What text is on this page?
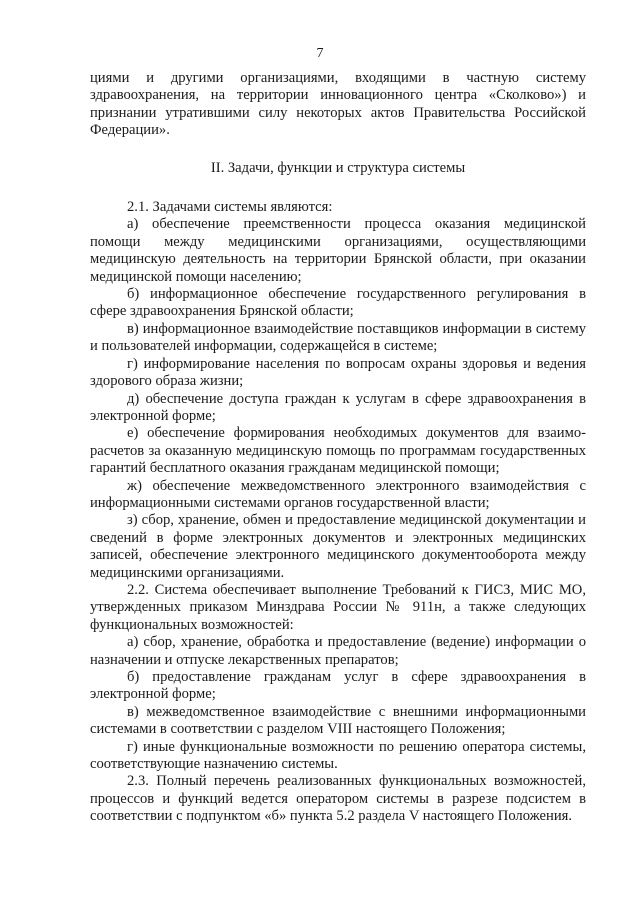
7

циями и другими организациями, входящими в частную систему здравоохранения, на территории инновационного центра «Сколково») и признании утратившими силу некоторых актов Правительства Российской Федерации».

II. Задачи, функции и структура системы

2.1. Задачами системы являются:

а) обеспечение преемственности процесса оказания медицинской помощи между медицинскими организациями, осуществляющими медицинскую деятельность на территории Брянской области, при оказании медицинской помощи населению;

б) информационное обеспечение государственного регулирования в сфере здравоохранения Брянской области;

в) информационное взаимодействие поставщиков информации в систему и пользователей информации, содержащейся в системе;

г) информирование населения по вопросам охраны здоровья и ведения здорового образа жизни;

д) обеспечение доступа граждан к услугам в сфере здравоохранения в электронной форме;

е) обеспечение формирования необходимых документов для взаимо-расчетов за оказанную медицинскую помощь по программам государственных гарантий бесплатного оказания гражданам медицинской помощи;

ж) обеспечение межведомственного электронного взаимодействия с информационными системами органов государственной власти;

з) сбор, хранение, обмен и предоставление медицинской документации и сведений в форме электронных документов и электронных медицинских записей, обеспечение электронного медицинского документооборота между медицинскими организациями.

2.2. Система обеспечивает выполнение Требований к ГИСЗ, МИС МО, утвержденных приказом Минздрава России № 911н, а также следующих функциональных возможностей:

а) сбор, хранение, обработка и предоставление (ведение) информации о назначении и отпуске лекарственных препаратов;

б) предоставление гражданам услуг в сфере здравоохранения в электронной форме;

в) межведомственное взаимодействие с внешними информационными системами в соответствии с разделом VIII настоящего Положения;

г) иные функциональные возможности по решению оператора системы, соответствующие назначению системы.

2.3. Полный перечень реализованных функциональных возможностей, процессов и функций ведется оператором системы в разрезе подсистем в соответствии с подпунктом «б» пункта 5.2 раздела V настоящего Положения.
